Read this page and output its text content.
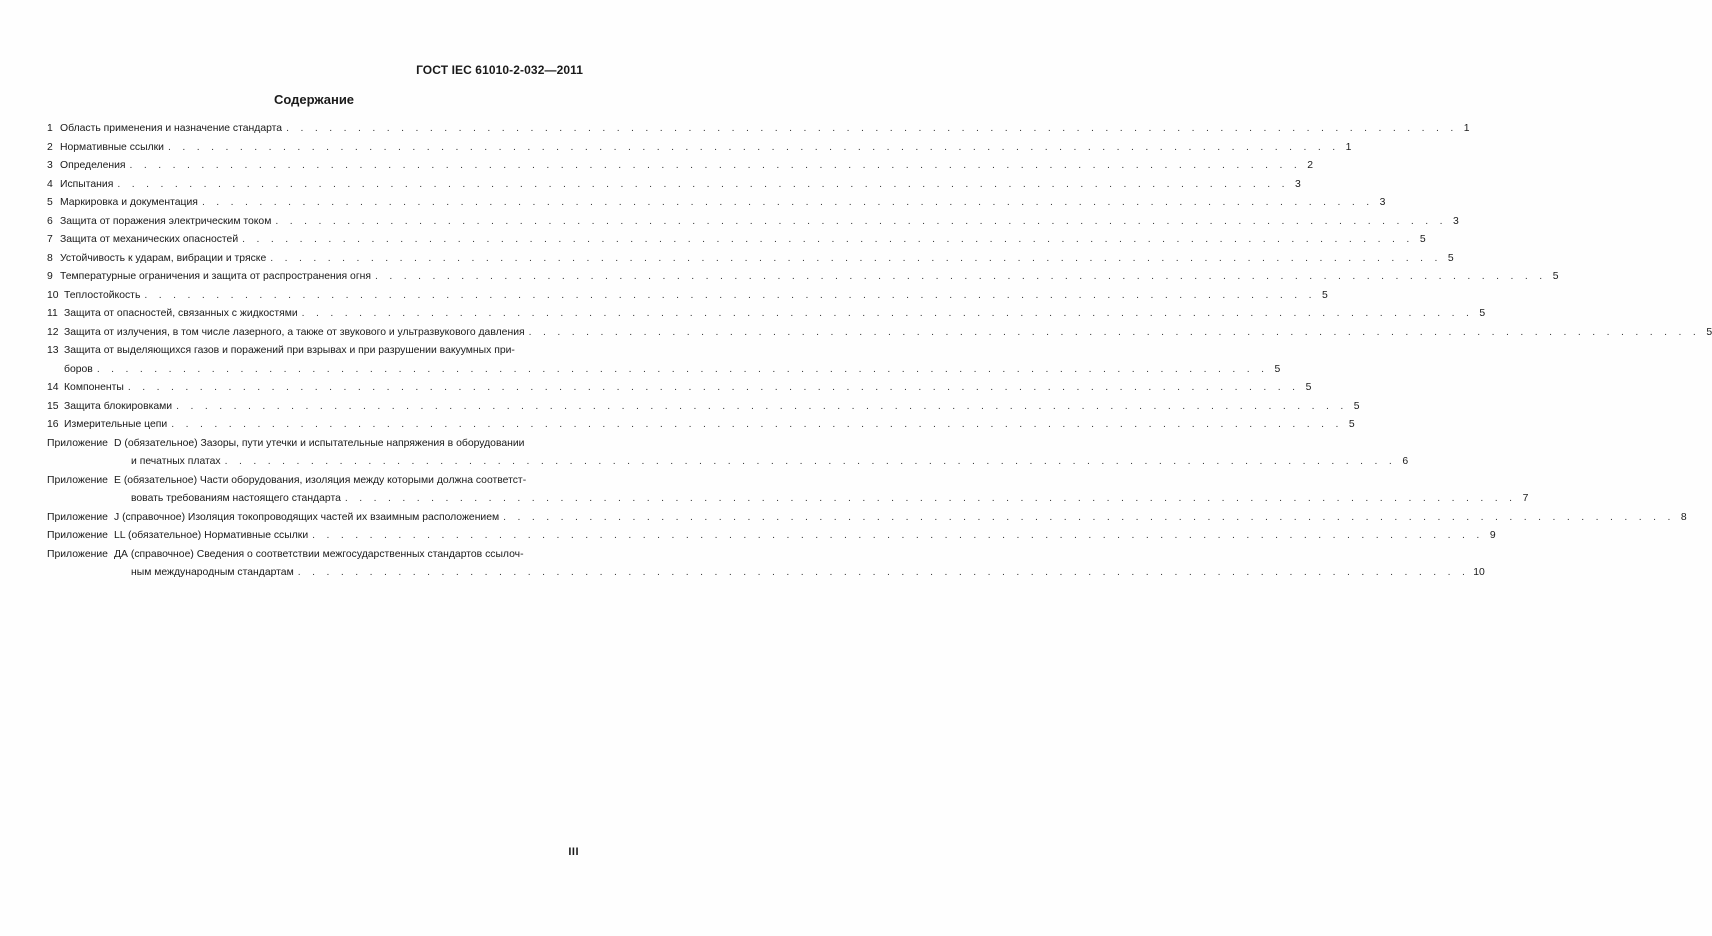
ГОСТ IEC 61010-2-032—2011
Содержание
1 Область применения и назначение стандарта . . . . . . . . . . . . . . . . . . . . . . . . . . . . . . . . . . . . . . . . . . . . . . . . . . . . . . . . . . . . . . . . . . . . . . . . . . . . . . . . . . 1
2 Нормативные ссылки . . . . . . . . . . . . . . . . . . . . . . . . . . . . . . . . . . . . . . . . . . . . . . . . . . . . . . . . . . . . . . . . . . . . . . . . . . . . . . . . . . 1
3 Определения . . . . . . . . . . . . . . . . . . . . . . . . . . . . . . . . . . . . . . . . . . . . . . . . . . . . . . . . . . . . . . . . . . . . . . . . . . . . . . . . . . 2
4 Испытания . . . . . . . . . . . . . . . . . . . . . . . . . . . . . . . . . . . . . . . . . . . . . . . . . . . . . . . . . . . . . . . . . . . . . . . . . . . . . . . . . . 3
5 Маркировка и документация . . . . . . . . . . . . . . . . . . . . . . . . . . . . . . . . . . . . . . . . . . . . . . . . . . . . . . . . . . . . . . . . . . . . . . . . . . . . . . . . . . 3
6 Защита от поражения электрическим током . . . . . . . . . . . . . . . . . . . . . . . . . . . . . . . . . . . . . . . . . . . . . . . . . . . . . . . . . . . . . . . . . . . . . . . . . . . . . . . . . . 3
7 Защита от механических опасностей . . . . . . . . . . . . . . . . . . . . . . . . . . . . . . . . . . . . . . . . . . . . . . . . . . . . . . . . . . . . . . . . . . . . . . . . . . . . . . . . . . 5
8 Устойчивость к ударам, вибрации и тряске . . . . . . . . . . . . . . . . . . . . . . . . . . . . . . . . . . . . . . . . . . . . . . . . . . . . . . . . . . . . . . . . . . . . . . . . . . . . . . . . . . 5
9 Температурные ограничения и защита от распространения огня . . . . . . . . . . . . . . . . . . . . . . . . . . . . . . . . . . . . . . . . . . . . . . . . . . . . . . . . . . . . . . . . . . . . . . . . . . . . . . . . . . 5
10 Теплостойкость . . . . . . . . . . . . . . . . . . . . . . . . . . . . . . . . . . . . . . . . . . . . . . . . . . . . . . . . . . . . . . . . . . . . . . . . . . . . . . . . . . 5
11 Защита от опасностей, связанных с жидкостями . . . . . . . . . . . . . . . . . . . . . . . . . . . . . . . . . . . . . . . . . . . . . . . . . . . . . . . . . . . . . . . . . . . . . . . . . . . . . . . . . . 5
12 Защита от излучения, в том числе лазерного, а также от звукового и ультразвукового давления . . . . . . . . . . . . . . . . . . . . . . . . . . . . . . . . . . . . . . . . . . . . . . . . . . . . . . . . . . . . . . . . . . . . . . . . . . . . . . . . . . 5
13 Защита от выделяющихся газов и поражений при взрывах и при разрушении вакуумных при-
боров . . . . . . . . . . . . . . . . . . . . . . . . . . . . . . . . . . . . . . . . . . . . . . . . . . . . . . . . . . . . . . . . . . . . . . . . . . . . . . . . . . 5
14 Компоненты . . . . . . . . . . . . . . . . . . . . . . . . . . . . . . . . . . . . . . . . . . . . . . . . . . . . . . . . . . . . . . . . . . . . . . . . . . . . . . . . . . 5
15 Защита блокировками . . . . . . . . . . . . . . . . . . . . . . . . . . . . . . . . . . . . . . . . . . . . . . . . . . . . . . . . . . . . . . . . . . . . . . . . . . . . . . . . . . 5
16 Измерительные цепи . . . . . . . . . . . . . . . . . . . . . . . . . . . . . . . . . . . . . . . . . . . . . . . . . . . . . . . . . . . . . . . . . . . . . . . . . . . . . . . . . . 5
Приложение D (обязательное) Зазоры, пути утечки и испытательные напряжения в оборудовании
и печатных платах . . . . . . . . . . . . . . . . . . . . . . . . . . . . . . . . . . . . . . . . . . . . . . . . . . . . . . . . . . . . . . . . . . . . . . . . . . . . . . . . . . 6
Приложение E (обязательное) Части оборудования, изоляция между которыми должна соответст-
вовать требованиям настоящего стандарта . . . . . . . . . . . . . . . . . . . . . . . . . . . . . . . . . . . . . . . . . . . . . . . . . . . . . . . . . . . . . . . . . . . . . . . . . . . . . . . . . . 7
Приложение J (справочное) Изоляция токопроводящих частей их взаимным расположением . . . . . . . . . . . . . . . . . . . . . . . . . . . . . . . . . . . . . . . . . . . . . . . . . . . . . . . . . . . . . . . . . . . . . . . . . . . . . . . . . . 8
Приложение LL (обязательное) Нормативные ссылки . . . . . . . . . . . . . . . . . . . . . . . . . . . . . . . . . . . . . . . . . . . . . . . . . . . . . . . . . . . . . . . . . . . . . . . . . . . . . . . . . . 9
Приложение ДА (справочное) Сведения о соответствии межгосударственных стандартов ссылоч-
ным международным стандартам . . . . . . . . . . . . . . . . . . . . . . . . . . . . . . . . . . . . . . . . . . . . . . . . . . . . . . . . . . . . . . . . . . . . . . . . . . . . . . . . . . 10
III
